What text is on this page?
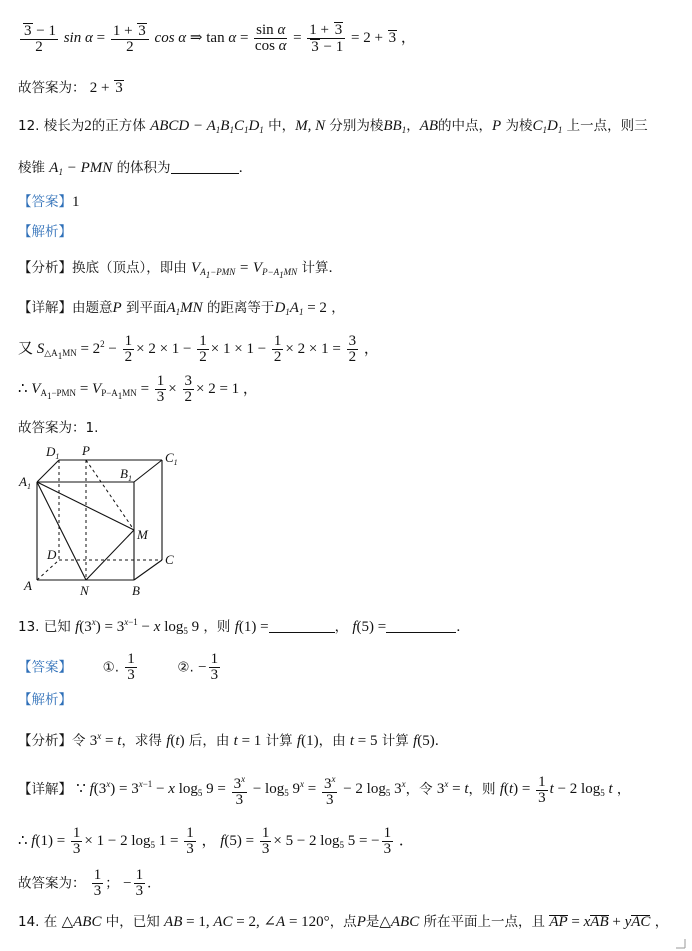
$\frac{3 - 1}{2}$ $\sin \alpha = \frac{1 + 3}{2}$ cos α ⇒ $\tan \alpha = \frac{\text{sin α}}{\text{cos α}} = \frac{1 + 3}{3 - 1} = 2 + 3$ ，
故答案为： 2 + 3
12. 棱长为2的正方体 ABCD − $A_1B_1C_1D_1$ 中，M, N 分别为棱$BB_1$，AB的中点，P 为棱$C_1D_1$ 上一点，则三
棱锥 $A_1$ − PMN 的体积为	．
【答案】1
【解析】
【分析】换底（顶点），即由 $V_{A_1-PMN} = V_{P-A_1MN}$ 计算．
【详解】由题意P 到平面$A_1MN$ 的距离等于$D_1A_1 = 2$ ，
又 $S_{\triangle A_1MN} = 2^2 - \frac{1}{2} \times 2 \times 1 - \frac{1}{2} \times 1 \times 1 - \frac{1}{2} \times 2 \times 1 = \frac{3}{2}$ ，
∴ $V_{A_1-PMN} = V_{P-A_1MN} = \frac{1}{3} \times \frac{3}{2} \times 2 = 1$ ，
故答案为：1.
$D_1$ P	$C_1$
$B_1$
$A_1$
M
D	C
A	N	B
13. 已知 $f(3^x) = 3^{x-1} - x$ $\log_5 9$ ，则 f(1) =	， f(5) =	．
【答案】 ①. $\frac{1}{3}$	②. − $\frac{1}{3}$
【解析】
【分析】令 $3^x = t$，求得 f(t) 后，由 t = 1 计算 f(1)，由 t = 5 计算 f(5)．
【详解】 ∵ $f(3^x) = 3^{x-1} - x$ $\log_5 9 = \frac{3^x}{3} - \log_5 9^x = \frac{3^x}{3} - 2$ $\log_5 3^x$，令 $3^x = t$，则 $f(t) = \frac{1}{3}$ t − 2 $\log_5 t$ ，
∴ $f(1) = \frac{1}{3} \times 1 - 2$ $\log_5 1 = \frac{1}{3}$ ， $f(5) = \frac{1}{3} \times 5 - 2$ $\log_5 5$ = − $\frac{1}{3}$ ．
故答案为： $\frac{1}{3}$ ； − $\frac{1}{3}$ ．
14. 在 △ABC 中，已知 AB = 1, AC = 2, ∠A = 120°，点P是△ABC 所在平面上一点，且 AP = xAB + yAC ，
